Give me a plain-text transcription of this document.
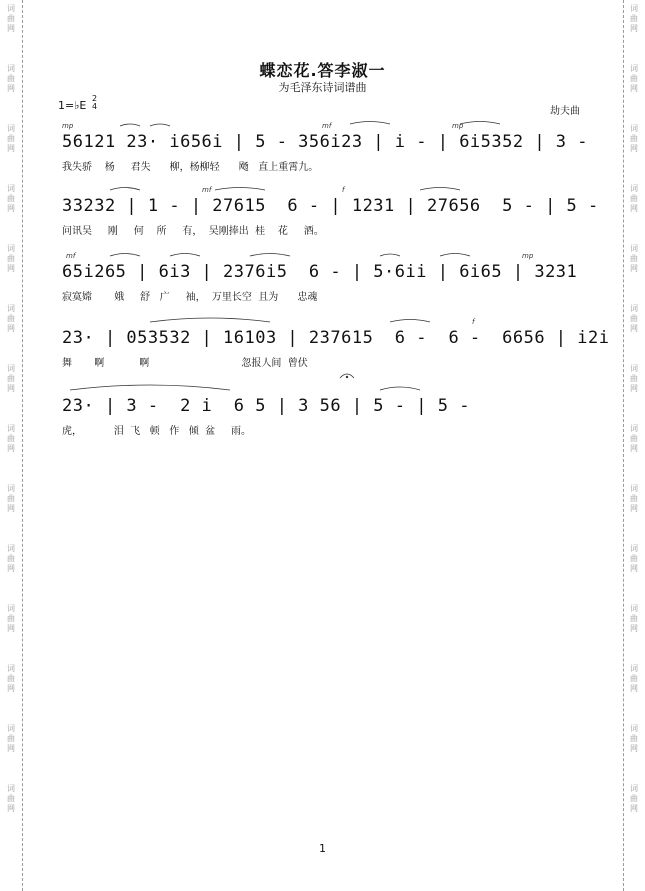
词
曲
网
词
曲
网
词
曲
网
词
曲
网
词
曲
网
词
曲
网
词
曲
网
词
曲
网
词
曲
网
词
曲
网
词
曲
网
词
曲
网
词
曲
网
词
曲
网
词
曲
网
词
曲
网
词
曲
网
词
曲
网
词
曲
网
词
曲
网
词
曲
网
词
曲
网
词
曲
网
词
曲
网
词
曲
网
词
曲
网
词
曲
网
词
曲
网
蝶恋花.答李淑一
为毛泽东诗词谱曲
1=♭E
2
4	劫夫曲
mp	mf	mp
56121 23· i656i | 5 - 356i23 | i - | 6i5352 | 3 -
我失骄    杨     君失      柳，杨柳轻      飏   直上重霄九。
mf	f
33232 | 1 - | 27615  6 - | 1231 | 27656  5 - | 5 -
问讯吴     刚     何    所     有，  吴刚捧出  桂    花     酒。
mf	mp
65i265 | 6i3 | 2376i5  6 - | 5·6ii | 6i65 | 3231
寂寞嫦       娥     舒   广     袖，  万里长空  且为      忠魂
f
23· | 053532 | 16103 | 237615  6 -  6 -  6656 | i2i
舞       啊           啊                             忽报人间  曾伏
23· | 3 -  2 i  6 5 | 3 56 | 5 - | 5 -
虎，          泪  飞   顿   作   倾  盆     雨。
1
